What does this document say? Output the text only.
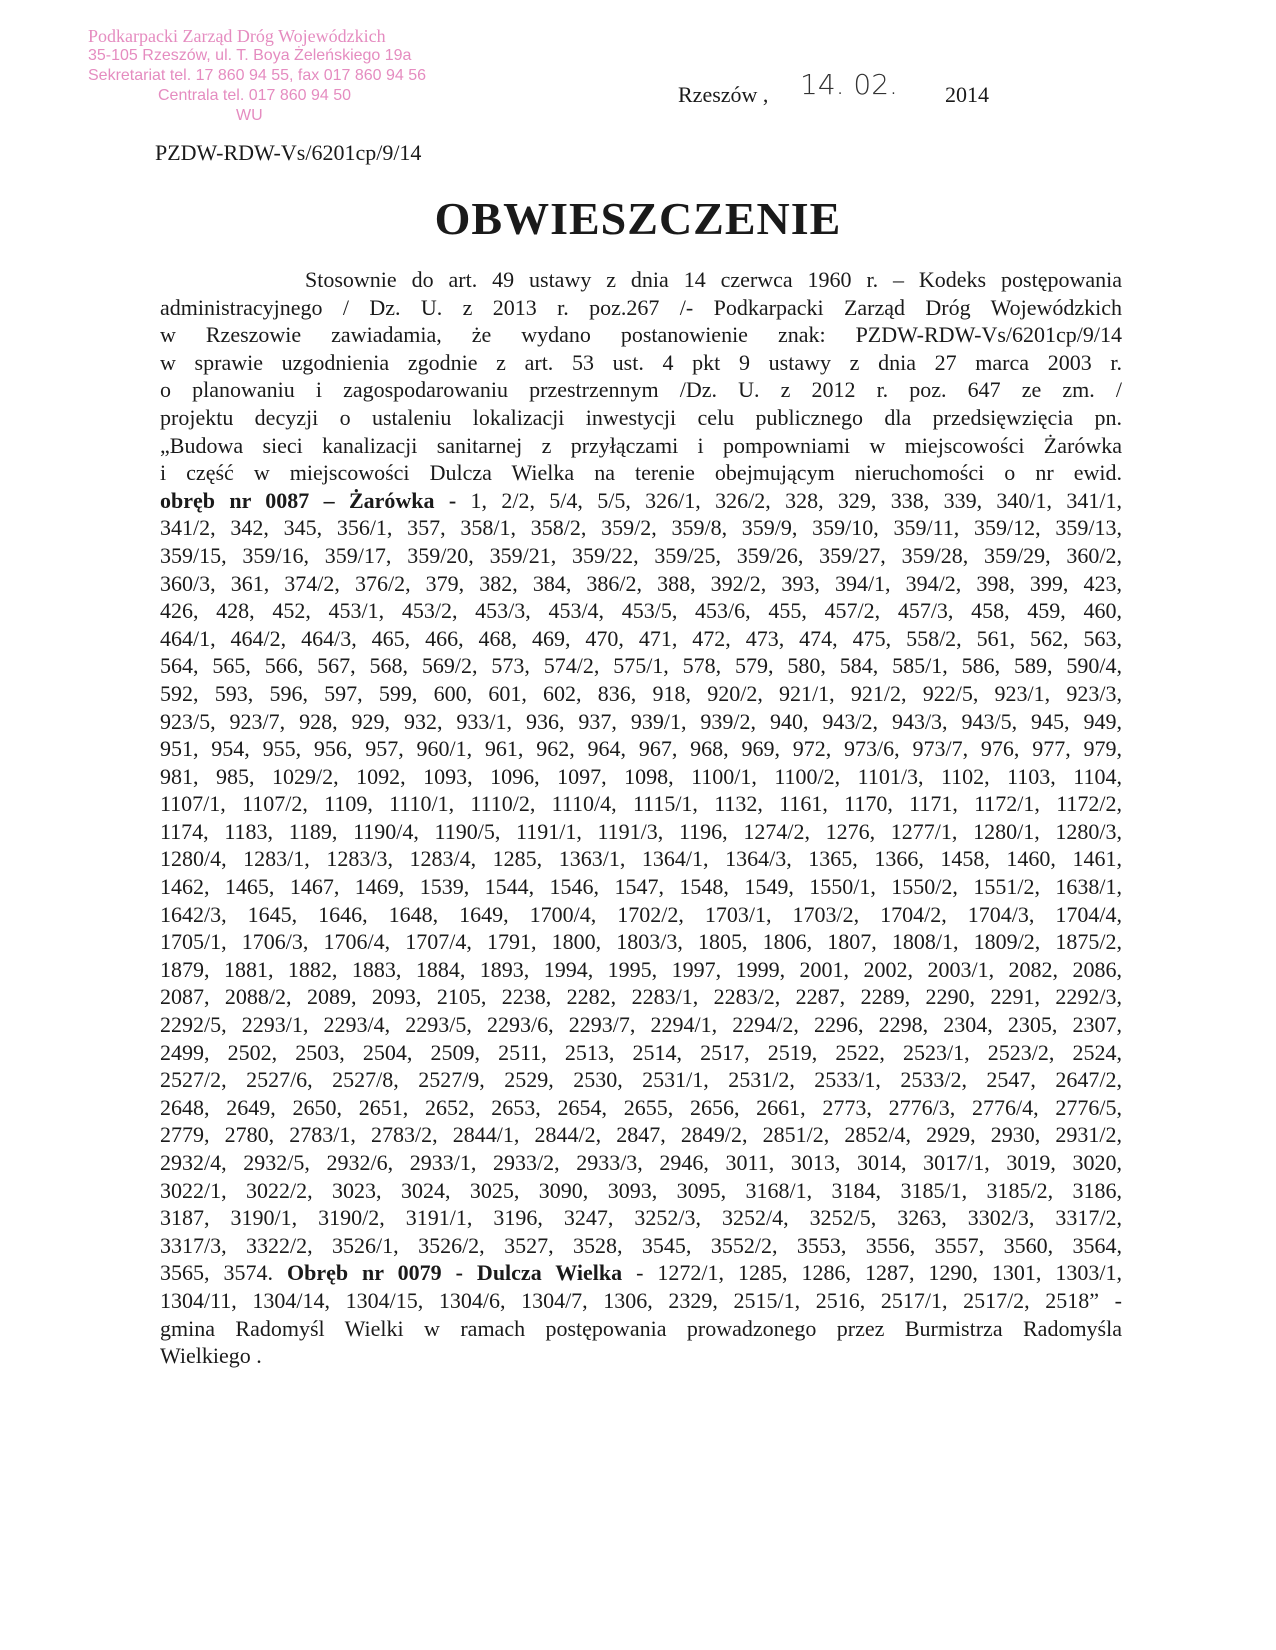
Podkarpacki Zarząd Dróg Wojewódzkich
35-105 Rzeszów, ul. T. Boya Żeleńskiego 19a
Sekretariat tel. 17 860 94 55, fax 017 860 94 56
Centrala tel. 017 860 94 50
WU
PZDW-RDW-Vs/6201cp/9/14
Rzeszów , 14. 02. 2014
OBWIESZCZENIE
Stosownie do art. 49 ustawy z dnia 14 czerwca 1960 r. – Kodeks postępowania
administracyjnego / Dz. U. z 2013 r. poz.267 /- Podkarpacki Zarząd Dróg Wojewódzkich
w Rzeszowie zawiadamia, że wydano postanowienie znak: PZDW-RDW-Vs/6201cp/9/14
w sprawie uzgodnienia zgodnie z art. 53 ust. 4 pkt 9 ustawy z dnia 27 marca 2003 r.
o planowaniu i zagospodarowaniu przestrzennym /Dz. U. z 2012 r. poz. 647 ze zm. /
projektu decyzji o ustaleniu lokalizacji inwestycji celu publicznego dla przedsięwzięcia pn.
„Budowa sieci kanalizacji sanitarnej z przyłączami i pompowniami w miejscowości Żarówka
i część w miejscowości Dulcza Wielka na terenie obejmującym nieruchomości o nr ewid.
obręb nr 0087 – Żarówka - 1, 2/2, 5/4, 5/5, 326/1, 326/2, 328, 329, 338, 339, 340/1, 341/1,
341/2, 342, 345, 356/1, 357, 358/1, 358/2, 359/2, 359/8, 359/9, 359/10, 359/11, 359/12, 359/13,
359/15, 359/16, 359/17, 359/20, 359/21, 359/22, 359/25, 359/26, 359/27, 359/28, 359/29, 360/2,
360/3, 361, 374/2, 376/2, 379, 382, 384, 386/2, 388, 392/2, 393, 394/1, 394/2, 398, 399, 423,
426, 428, 452, 453/1, 453/2, 453/3, 453/4, 453/5, 453/6, 455, 457/2, 457/3, 458, 459, 460,
464/1, 464/2, 464/3, 465, 466, 468, 469, 470, 471, 472, 473, 474, 475, 558/2, 561, 562, 563,
564, 565, 566, 567, 568, 569/2, 573, 574/2, 575/1, 578, 579, 580, 584, 585/1, 586, 589, 590/4,
592, 593, 596, 597, 599, 600, 601, 602, 836, 918, 920/2, 921/1, 921/2, 922/5, 923/1, 923/3,
923/5, 923/7, 928, 929, 932, 933/1, 936, 937, 939/1, 939/2, 940, 943/2, 943/3, 943/5, 945, 949,
951, 954, 955, 956, 957, 960/1, 961, 962, 964, 967, 968, 969, 972, 973/6, 973/7, 976, 977, 979,
981, 985, 1029/2, 1092, 1093, 1096, 1097, 1098, 1100/1, 1100/2, 1101/3, 1102, 1103, 1104,
1107/1, 1107/2, 1109, 1110/1, 1110/2, 1110/4, 1115/1, 1132, 1161, 1170, 1171, 1172/1, 1172/2,
1174, 1183, 1189, 1190/4, 1190/5, 1191/1, 1191/3, 1196, 1274/2, 1276, 1277/1, 1280/1, 1280/3,
1280/4, 1283/1, 1283/3, 1283/4, 1285, 1363/1, 1364/1, 1364/3, 1365, 1366, 1458, 1460, 1461,
1462, 1465, 1467, 1469, 1539, 1544, 1546, 1547, 1548, 1549, 1550/1, 1550/2, 1551/2, 1638/1,
1642/3, 1645, 1646, 1648, 1649, 1700/4, 1702/2, 1703/1, 1703/2, 1704/2, 1704/3, 1704/4,
1705/1, 1706/3, 1706/4, 1707/4, 1791, 1800, 1803/3, 1805, 1806, 1807, 1808/1, 1809/2, 1875/2,
1879, 1881, 1882, 1883, 1884, 1893, 1994, 1995, 1997, 1999, 2001, 2002, 2003/1, 2082, 2086,
2087, 2088/2, 2089, 2093, 2105, 2238, 2282, 2283/1, 2283/2, 2287, 2289, 2290, 2291, 2292/3,
2292/5, 2293/1, 2293/4, 2293/5, 2293/6, 2293/7, 2294/1, 2294/2, 2296, 2298, 2304, 2305, 2307,
2499, 2502, 2503, 2504, 2509, 2511, 2513, 2514, 2517, 2519, 2522, 2523/1, 2523/2, 2524,
2527/2, 2527/6, 2527/8, 2527/9, 2529, 2530, 2531/1, 2531/2, 2533/1, 2533/2, 2547, 2647/2,
2648, 2649, 2650, 2651, 2652, 2653, 2654, 2655, 2656, 2661, 2773, 2776/3, 2776/4, 2776/5,
2779, 2780, 2783/1, 2783/2, 2844/1, 2844/2, 2847, 2849/2, 2851/2, 2852/4, 2929, 2930, 2931/2,
2932/4, 2932/5, 2932/6, 2933/1, 2933/2, 2933/3, 2946, 3011, 3013, 3014, 3017/1, 3019, 3020,
3022/1, 3022/2, 3023, 3024, 3025, 3090, 3093, 3095, 3168/1, 3184, 3185/1, 3185/2, 3186,
3187, 3190/1, 3190/2, 3191/1, 3196, 3247, 3252/3, 3252/4, 3252/5, 3263, 3302/3, 3317/2,
3317/3, 3322/2, 3526/1, 3526/2, 3527, 3528, 3545, 3552/2, 3553, 3556, 3557, 3560, 3564,
3565, 3574. Obręb nr 0079 - Dulcza Wielka - 1272/1, 1285, 1286, 1287, 1290, 1301, 1303/1,
1304/11, 1304/14, 1304/15, 1304/6, 1304/7, 1306, 2329, 2515/1, 2516, 2517/1, 2517/2, 2518” -
gmina Radomyśl Wielki w ramach postępowania prowadzonego przez Burmistrza Radomyśla
Wielkiego .
